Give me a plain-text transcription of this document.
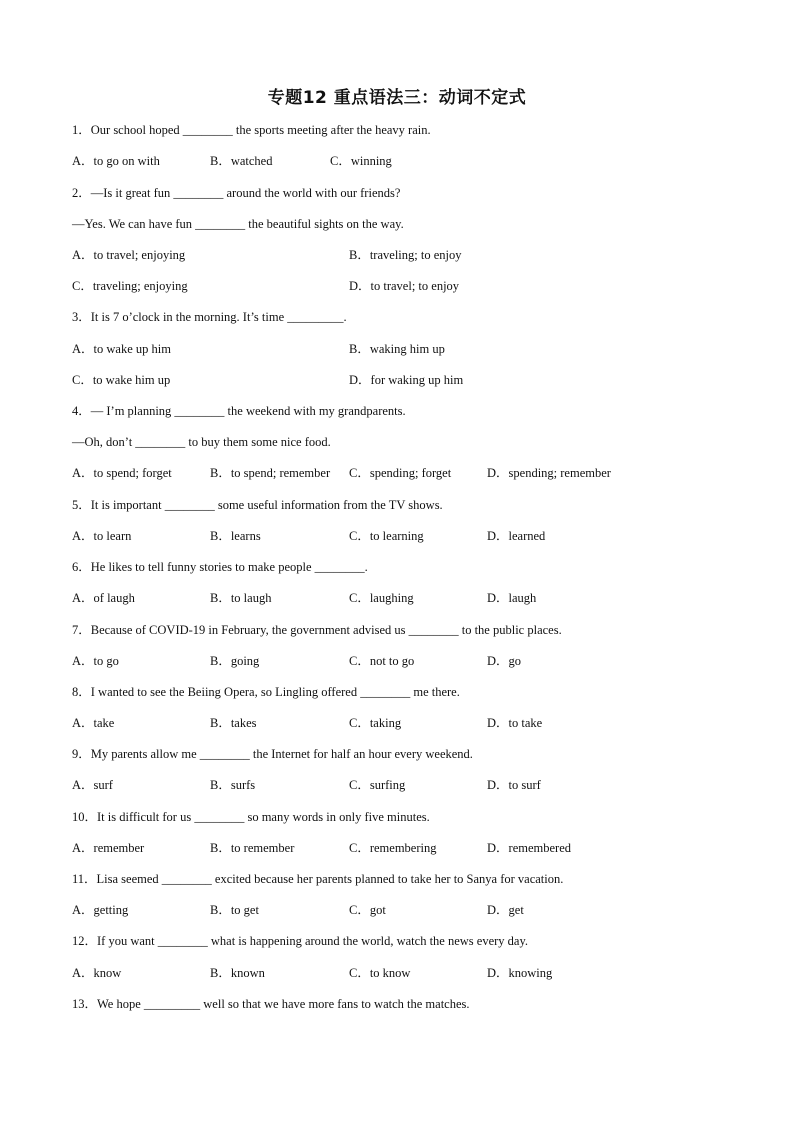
专题12 重点语法三：动词不定式
1．Our school hoped ________ the sports meeting after the heavy rain.
A．to go on with	B．watched	C．winning
2．—Is it great fun ________ around the world with our friends?
—Yes. We can have fun ________ the beautiful sights on the way.
A．to travel; enjoying	B．traveling; to enjoy
C．traveling; enjoying	D．to travel; to enjoy
3．It is 7 o’clock in the morning. It’s time _________.
A．to wake up him	B．waking him up
C．to wake him up	D．for waking up him
4．— I’m planning ________ the weekend with my grandparents.
—Oh, don’t ________ to buy them some nice food.
A．to spend; forget	B．to spend; remember C．spending; forget	D．spending; remember
5．It is important ________ some useful information from the TV shows.
A．to learn	B．learns	C．to learning	D．learned
6．He likes to tell funny stories to make people ________.
A．of laugh	B．to laugh	C．laughing	D．laugh
7．Because of COVID-19 in February, the government advised us ________ to the public places.
A．to go	B．going	C．not to go	D．go
8．I wanted to see the Beiing Opera, so Lingling offered ________ me there.
A．take	B．takes	C．taking	D．to take
9．My parents allow me ________ the Internet for half an hour every weekend.
A．surf	B．surfs	C．surfing	D．to surf
10．It is difficult for us ________ so many words in only five minutes.
A．remember	B．to remember	C．remembering	D．remembered
11．Lisa seemed ________ excited because her parents planned to take her to Sanya for vacation.
A．getting	B．to get	C．got	D．get
12．If you want ________ what is happening around the world, watch the news every day.
A．know	B．known	C．to know	D．knowing
13．We hope _________ well so that we have more fans to watch the matches.
